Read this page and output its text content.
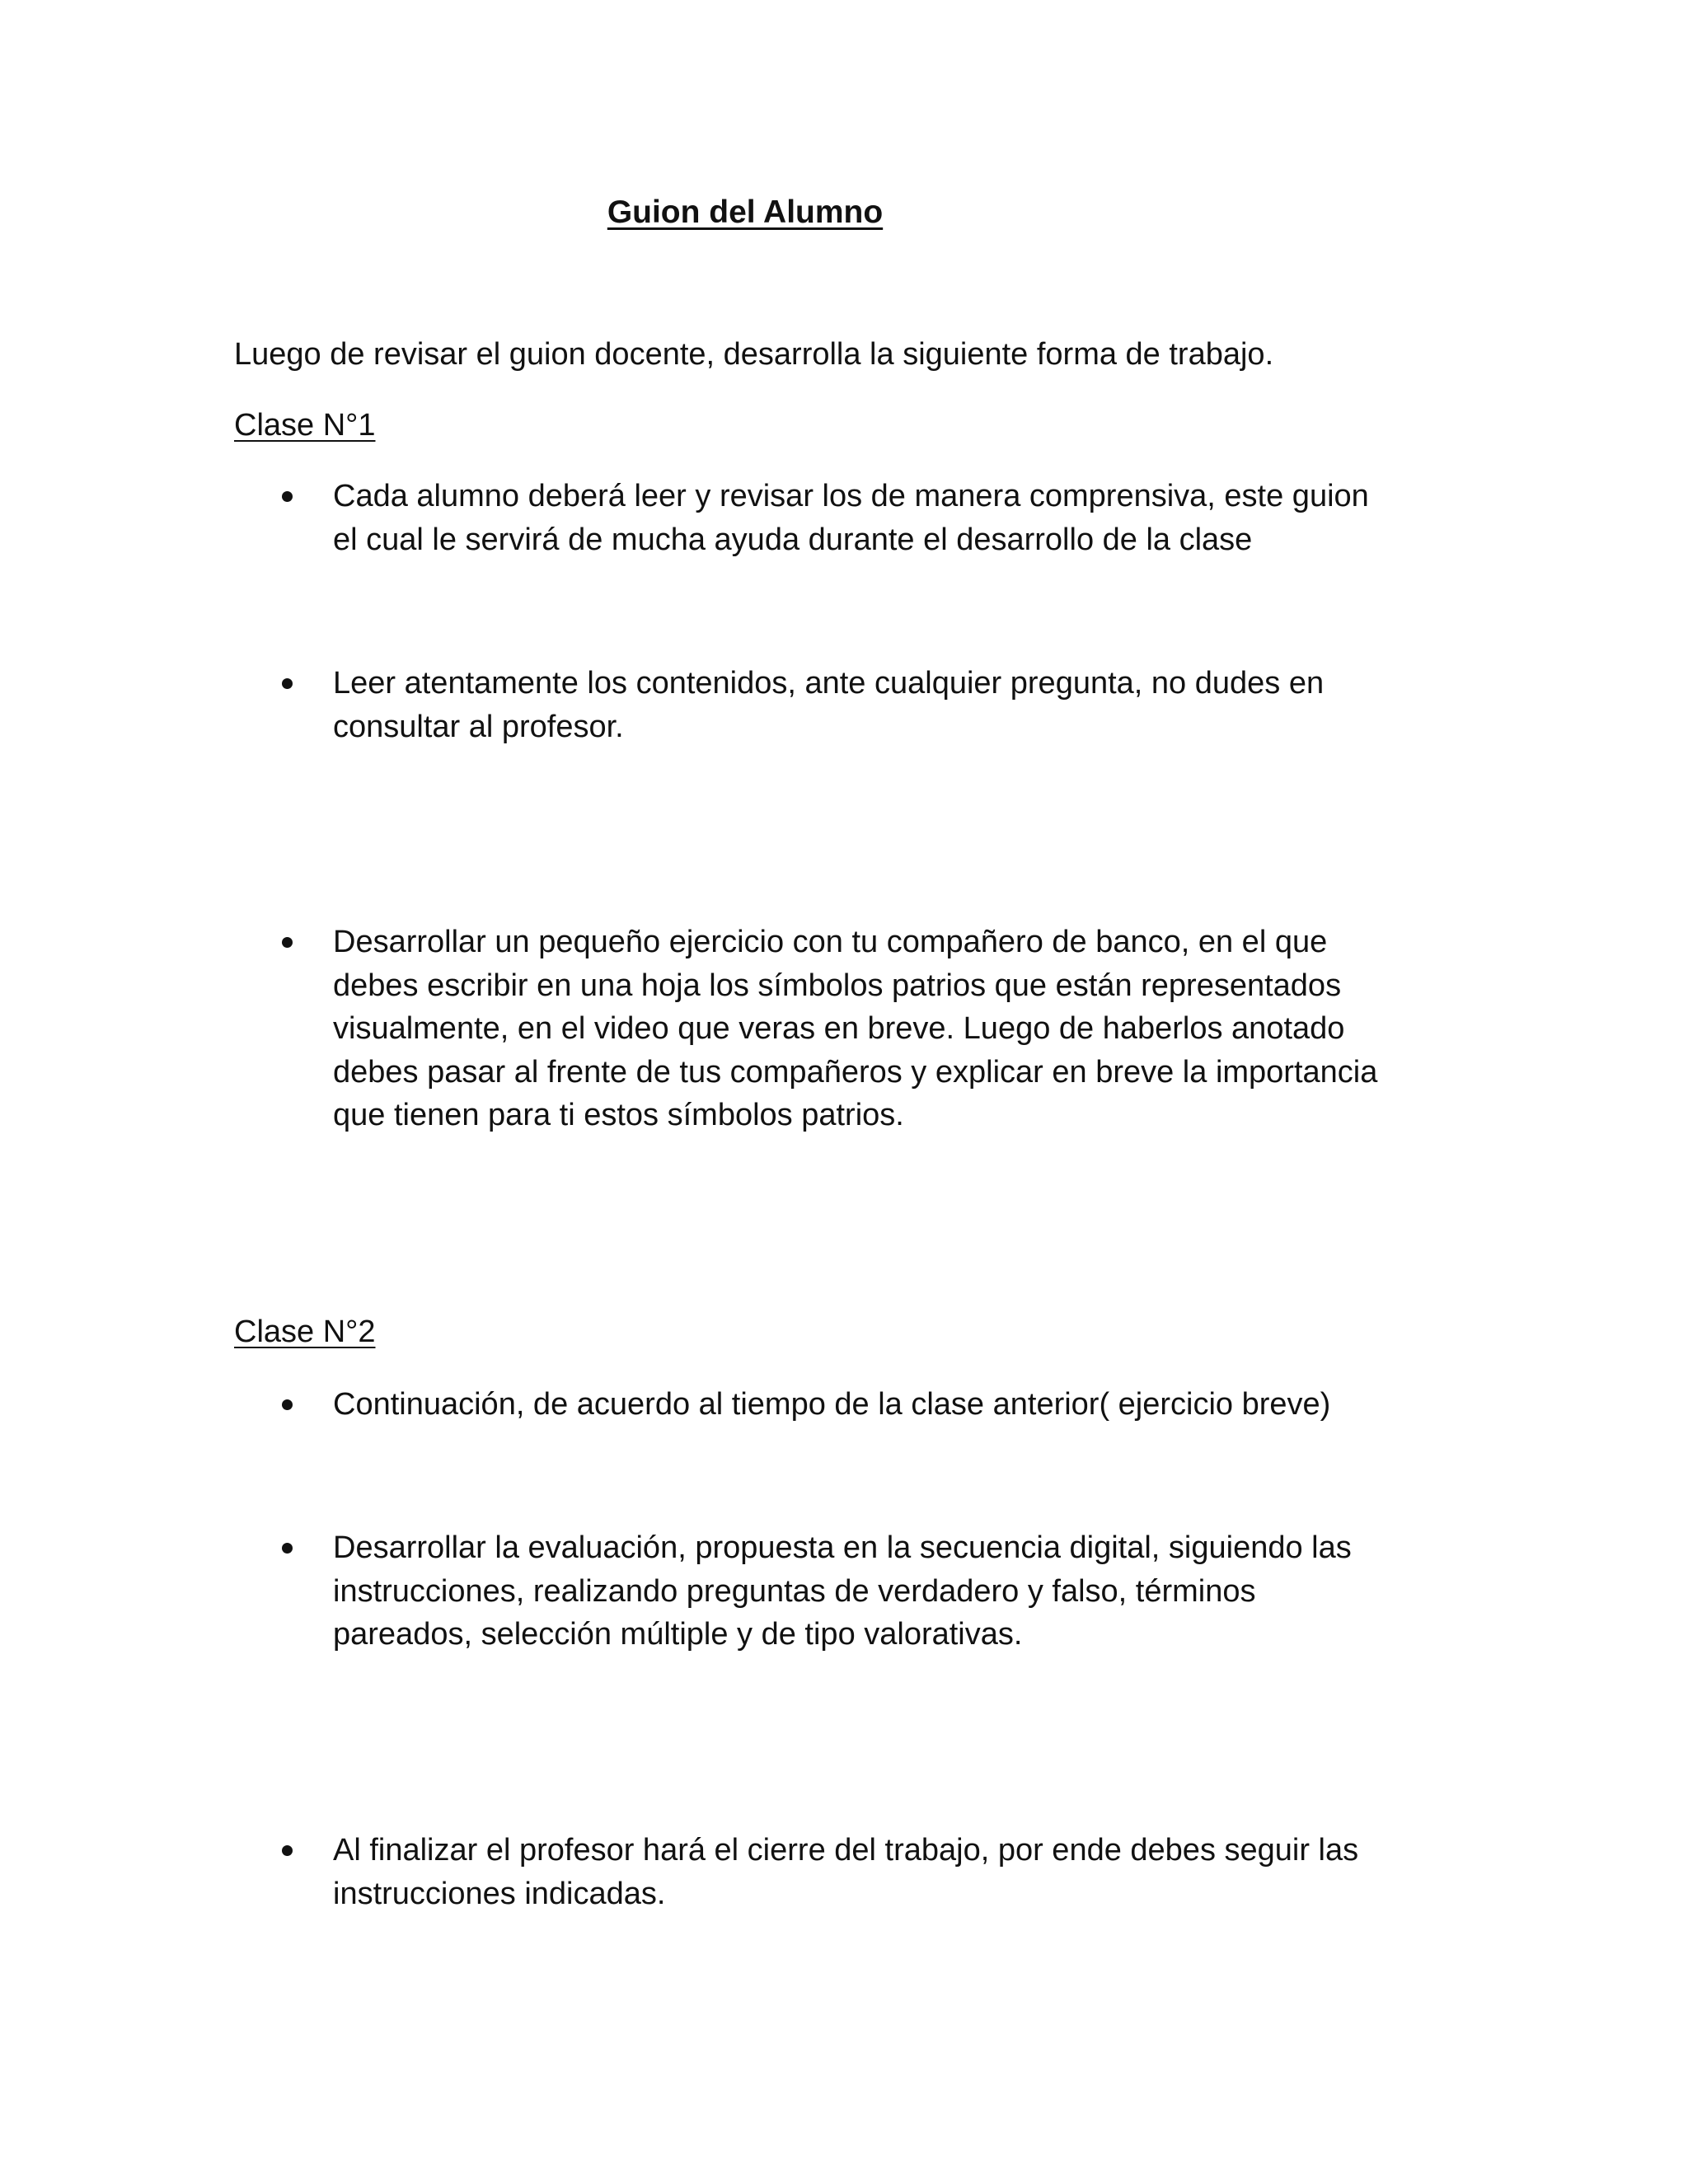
Guion del Alumno

Luego de revisar el guion docente, desarrolla la siguiente forma de trabajo.

Clase N°1

Cada alumno deberá leer y revisar los de manera comprensiva, este guion
el cual le servirá de mucha ayuda durante el desarrollo de la clase

Leer atentamente los contenidos, ante cualquier pregunta, no dudes en
consultar al profesor.

Desarrollar un pequeño ejercicio con tu compañero de banco, en el que
debes escribir en una hoja los símbolos patrios que están representados
visualmente, en el video que veras en breve. Luego de haberlos anotado
debes pasar al frente de tus compañeros y explicar en breve la importancia
que tienen para ti estos símbolos patrios.

Clase N°2

Continuación, de acuerdo al tiempo de la clase anterior( ejercicio breve)

Desarrollar la evaluación, propuesta en la secuencia digital, siguiendo las
instrucciones, realizando preguntas de verdadero y falso, términos
pareados, selección múltiple y de tipo valorativas.

Al finalizar el profesor hará el cierre del trabajo, por ende debes seguir las
instrucciones indicadas.
